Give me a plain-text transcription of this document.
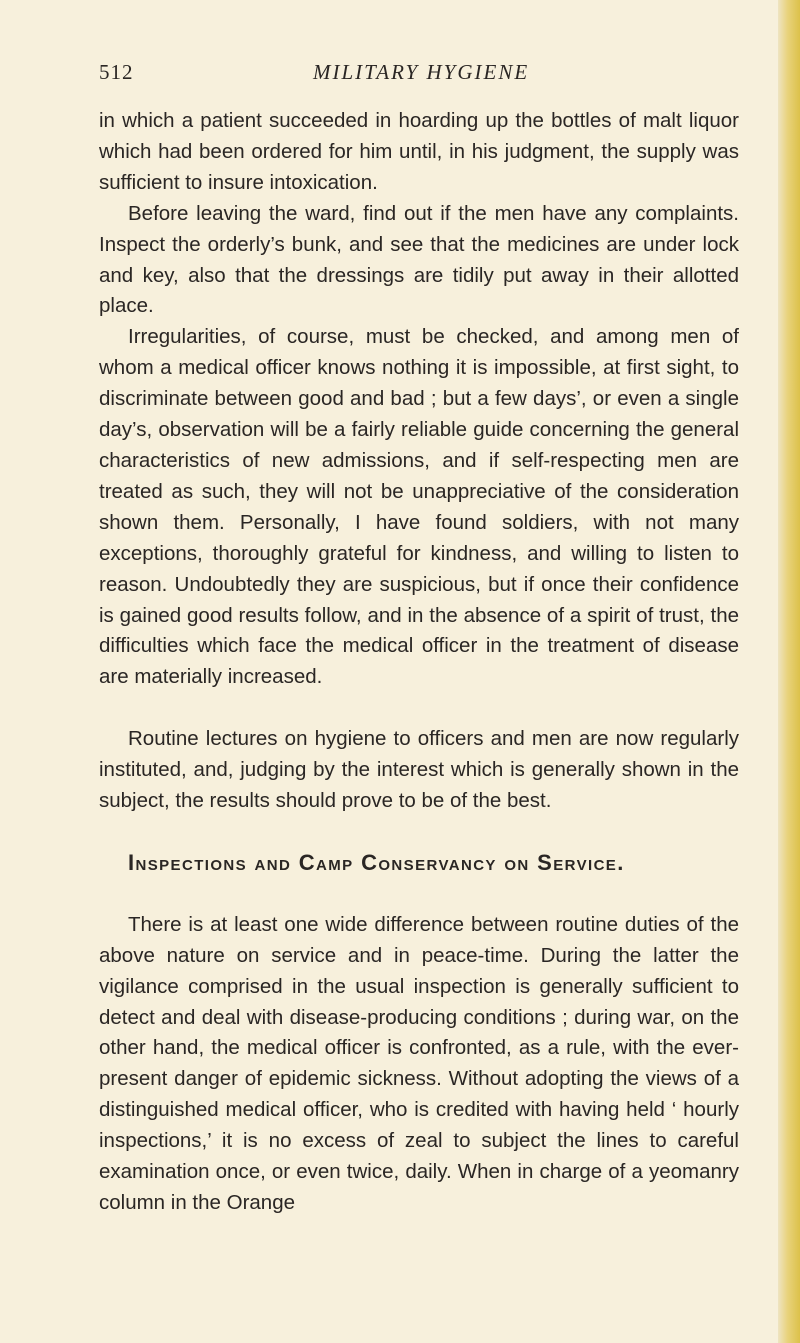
512	MILITARY HYGIENE

in which a patient succeeded in hoarding up the bottles of malt liquor which had been ordered for him until, in his judgment, the supply was sufficient to insure intoxication.

Before leaving the ward, find out if the men have any complaints. Inspect the orderly’s bunk, and see that the medicines are under lock and key, also that the dressings are tidily put away in their allotted place.

Irregularities, of course, must be checked, and among men of whom a medical officer knows nothing it is impossible, at first sight, to discriminate between good and bad ; but a few days’, or even a single day’s, observation will be a fairly reliable guide concerning the general characteristics of new admissions, and if self-respecting men are treated as such, they will not be unappreciative of the consideration shown them. Personally, I have found soldiers, with not many exceptions, thoroughly grateful for kindness, and willing to listen to reason. Undoubtedly they are suspicious, but if once their confidence is gained good results follow, and in the absence of a spirit of trust, the difficulties which face the medical officer in the treatment of disease are materially increased.

Routine lectures on hygiene to officers and men are now regularly instituted, and, judging by the interest which is generally shown in the subject, the results should prove to be of the best.

Inspections and Camp Conservancy on Service.

There is at least one wide difference between routine duties of the above nature on service and in peace-time. During the latter the vigilance comprised in the usual inspection is generally sufficient to detect and deal with disease-producing conditions ; during war, on the other hand, the medical officer is confronted, as a rule, with the ever-present danger of epidemic sickness. Without adopting the views of a distinguished medical officer, who is credited with having held ‘ hourly inspections,’ it is no excess of zeal to subject the lines to careful examination once, or even twice, daily. When in charge of a yeomanry column in the Orange
